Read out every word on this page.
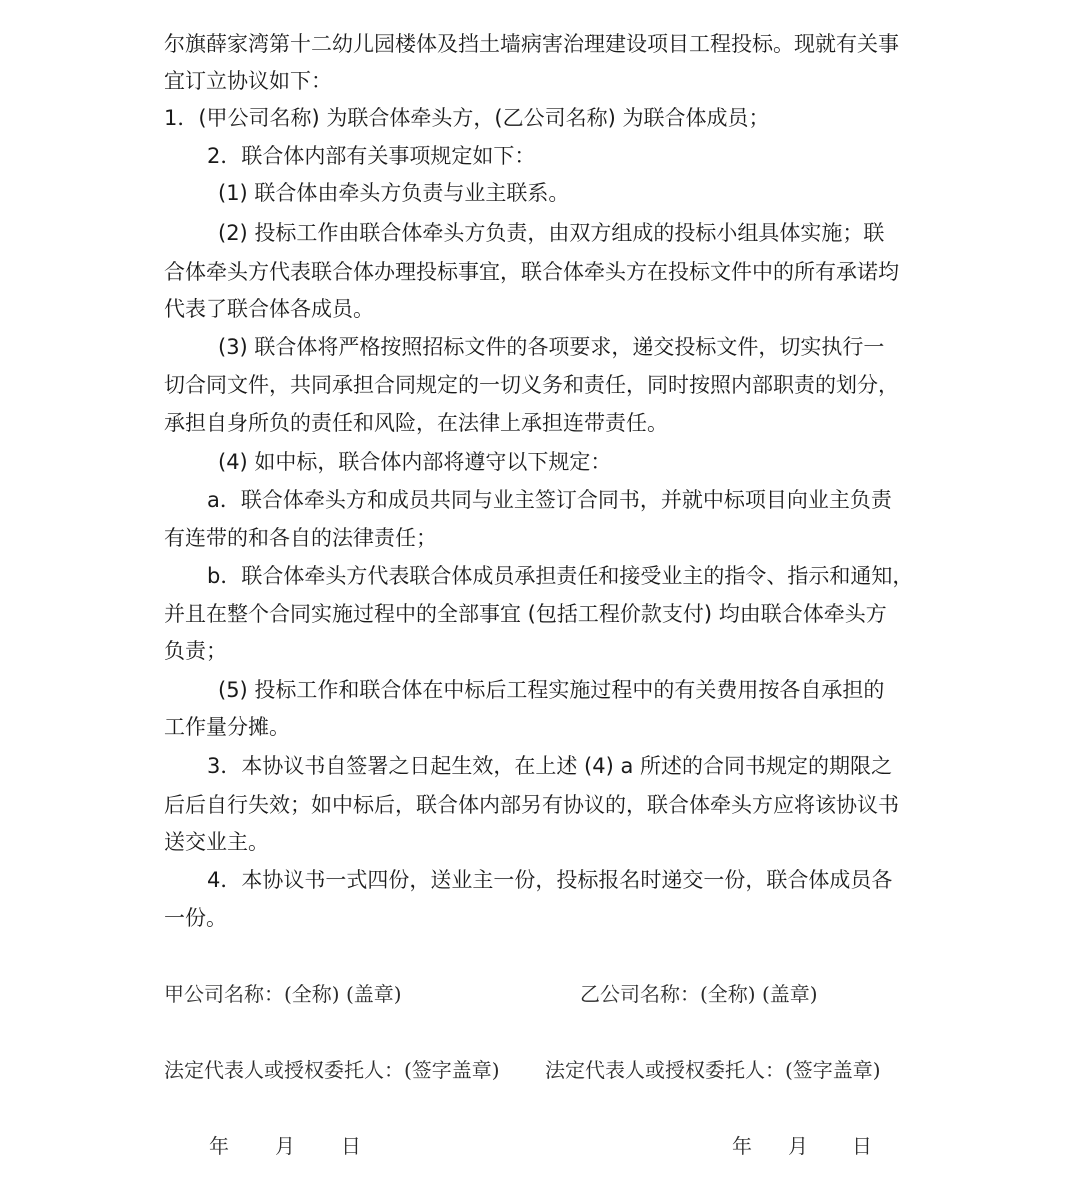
尔旗薛家湾第十二幼儿园楼体及挡土墙病害治理建设项目工程投标。现就有关事
宜订立协议如下：
1．(甲公司名称) 为联合体牵头方，(乙公司名称) 为联合体成员；
2．联合体内部有关事项规定如下：
(1) 联合体由牵头方负责与业主联系。
(2) 投标工作由联合体牵头方负责，由双方组成的投标小组具体实施；联
合体牵头方代表联合体办理投标事宜，联合体牵头方在投标文件中的所有承诺均
代表了联合体各成员。
(3) 联合体将严格按照招标文件的各项要求，递交投标文件，切实执行一
切合同文件，共同承担合同规定的一切义务和责任，同时按照内部职责的划分，
承担自身所负的责任和风险，在法律上承担连带责任。
(4) 如中标，联合体内部将遵守以下规定：
a．联合体牵头方和成员共同与业主签订合同书，并就中标项目向业主负责
有连带的和各自的法律责任；
b．联合体牵头方代表联合体成员承担责任和接受业主的指令、指示和通知，
并且在整个合同实施过程中的全部事宜 (包括工程价款支付) 均由联合体牵头方
负责；
(5) 投标工作和联合体在中标后工程实施过程中的有关费用按各自承担的
工作量分摊。
3．本协议书自签署之日起生效，在上述 (4) a 所述的合同书规定的期限之
后后自行失效；如中标后，联合体内部另有协议的，联合体牵头方应将该协议书
送交业主。
4．本协议书一式四份，送业主一份，投标报名时递交一份，联合体成员各
一份。
甲公司名称：(全称) (盖章)	乙公司名称：(全称) (盖章)
法定代表人或授权委托人：(签字盖章) 法定代表人或授权委托人：(签字盖章)
年 月 日	年 月 日
